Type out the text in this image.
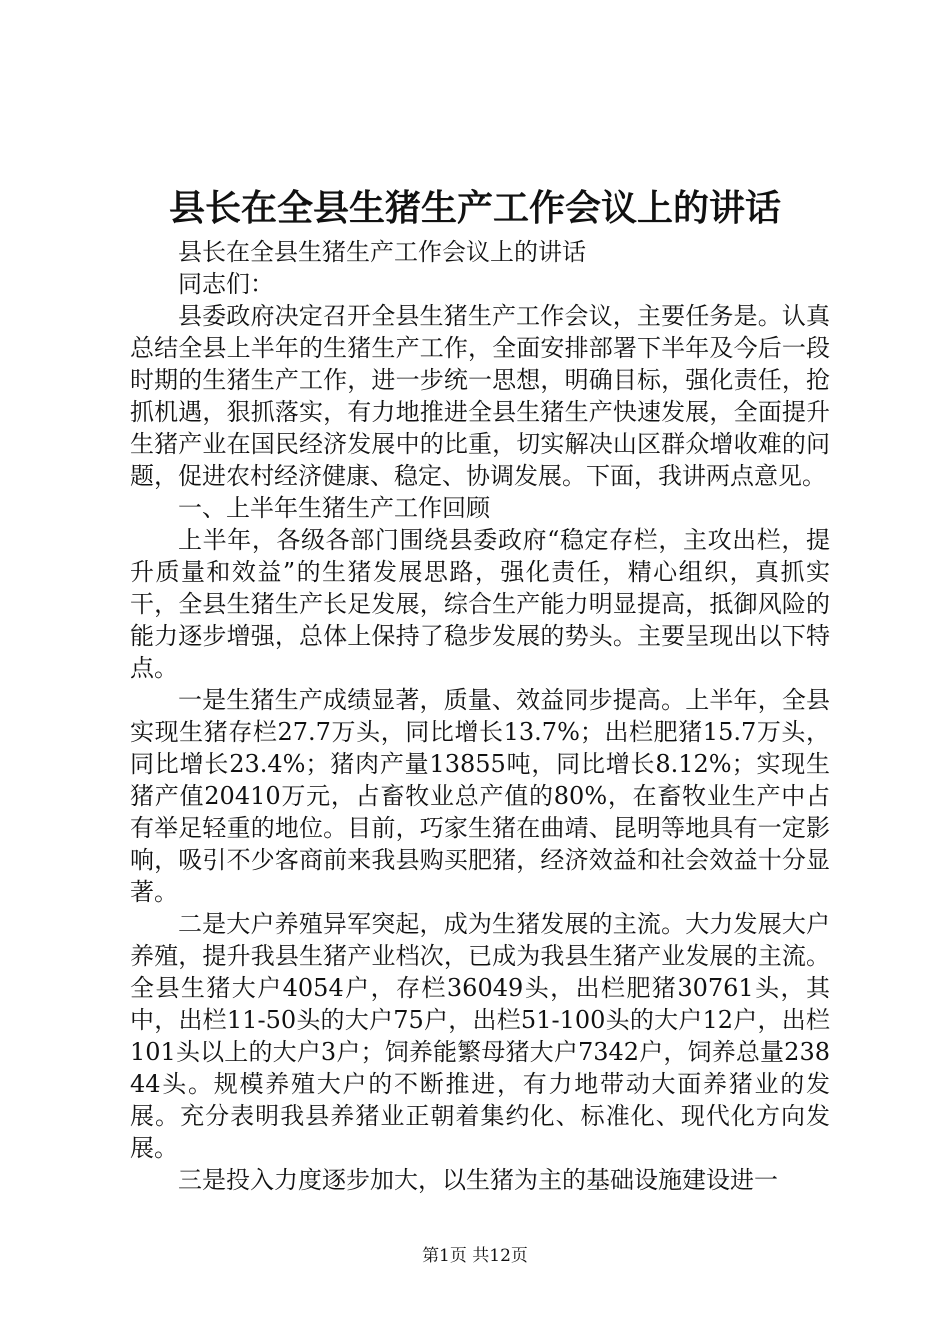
县长在全县生猪生产工作会议上的讲话

县长在全县生猪生产工作会议上的讲话

同志们：

县委政府决定召开全县生猪生产工作会议，主要任务是。认真总结全县上半年的生猪生产工作，全面安排部署下半年及今后一段时期的生猪生产工作，进一步统一思想，明确目标，强化责任，抢抓机遇，狠抓落实，有力地推进全县生猪生产快速发展，全面提升生猪产业在国民经济发展中的比重，切实解决山区群众增收难的问题，促进农村经济健康、稳定、协调发展。下面，我讲两点意见。

一、上半年生猪生产工作回顾

上半年，各级各部门围绕县委政府“稳定存栏，主攻出栏，提升质量和效益”的生猪发展思路，强化责任，精心组织，真抓实干，全县生猪生产长足发展，综合生产能力明显提高，抵御风险的能力逐步增强，总体上保持了稳步发展的势头。主要呈现出以下特点。

一是生猪生产成绩显著，质量、效益同步提高。上半年，全县实现生猪存栏27.7万头，同比增长13.7%；出栏肥猪15.7万头，同比增长23.4%；猪肉产量13855吨，同比增长8.12%；实现生猪产值20410万元，占畜牧业总产值的80%，在畜牧业生产中占有举足轻重的地位。目前，巧家生猪在曲靖、昆明等地具有一定影响，吸引不少客商前来我县购买肥猪，经济效益和社会效益十分显著。

二是大户养殖异军突起，成为生猪发展的主流。大力发展大户养殖，提升我县生猪产业档次，已成为我县生猪产业发展的主流。全县生猪大户4054户，存栏36049头，出栏肥猪30761头，其中，出栏11-50头的大户75户，出栏51-100头的大户12户，出栏101头以上的大户3户；饲养能繁母猪大户7342户，饲养总量23844头。规模养殖大户的不断推进，有力地带动大面养猪业的发展。充分表明我县养猪业正朝着集约化、标准化、现代化方向发展。

三是投入力度逐步加大，以生猪为主的基础设施建设进一

第1页 共12页
